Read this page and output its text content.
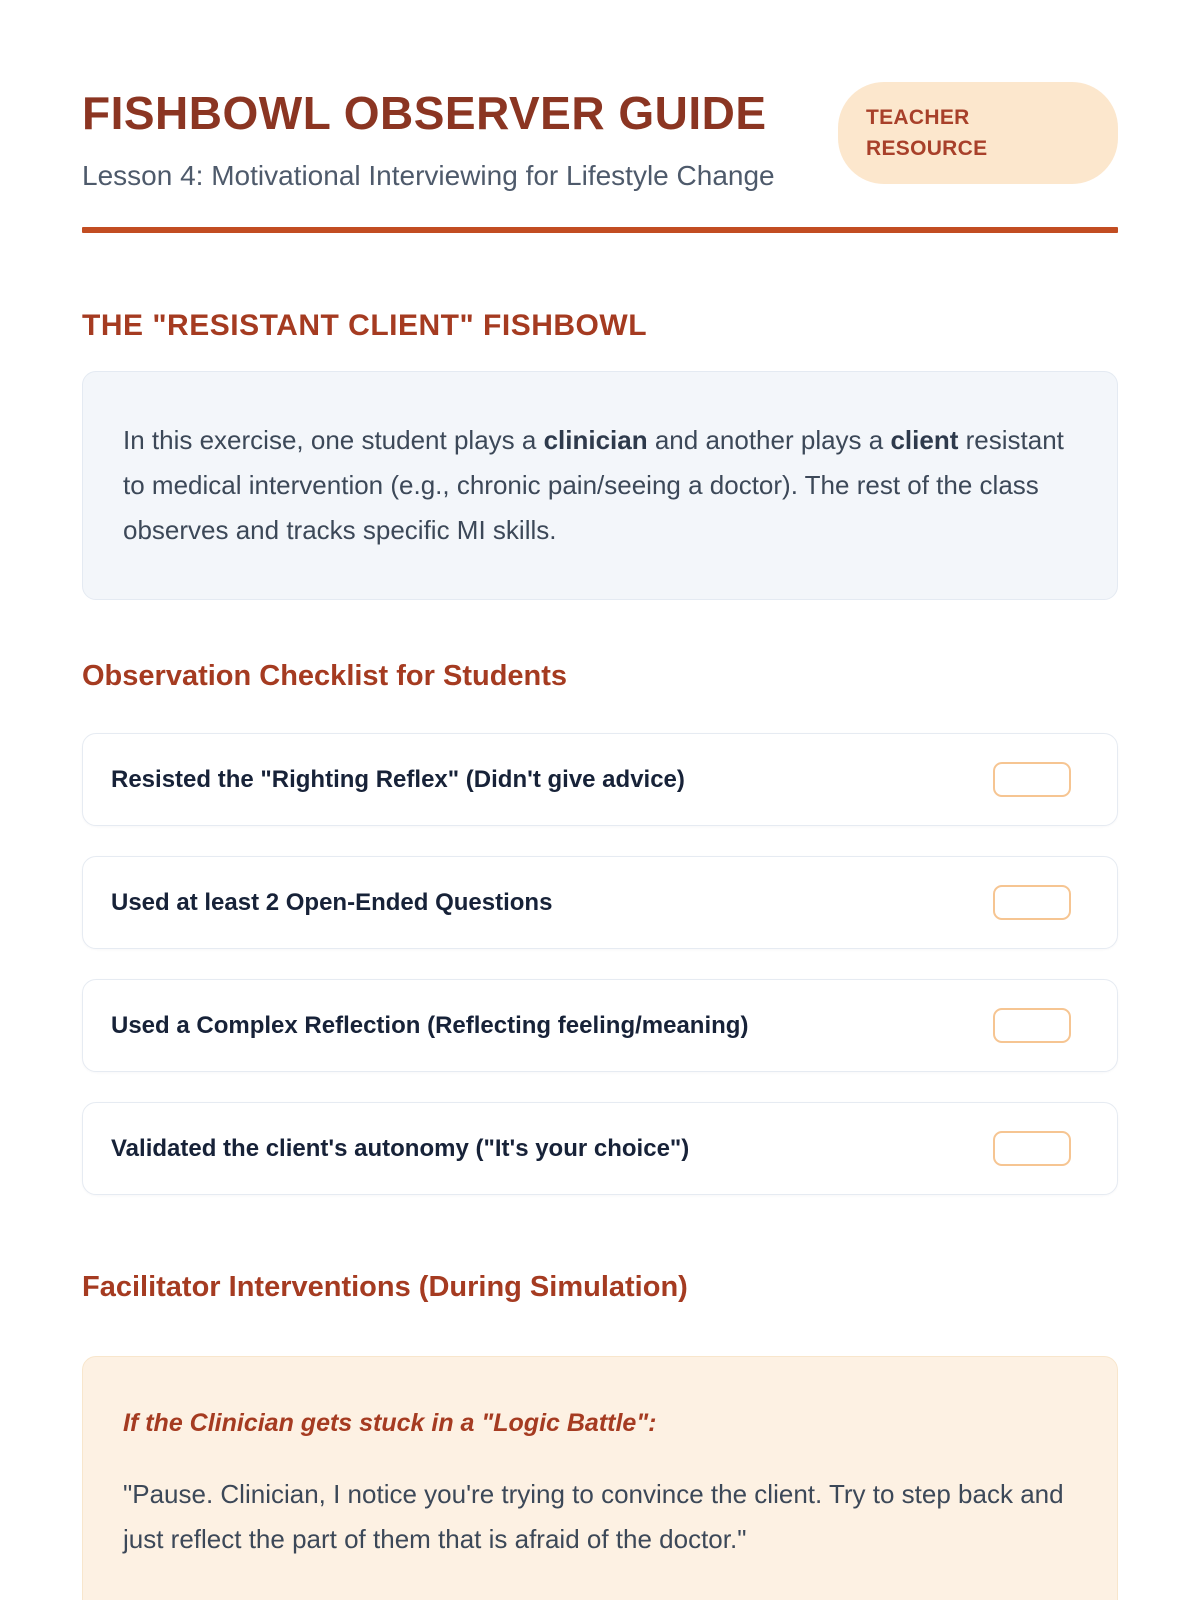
FISHBOWL OBSERVER GUIDE	TEACHER
RESOURCE
Lesson 4: Motivational Interviewing for Lifestyle Change
THE "RESISTANT CLIENT" FISHBOWL

In this exercise, one student plays a clinician and another plays a client resistant to medical intervention (e.g., chronic pain/seeing a doctor). The rest of the class observes and tracks specific MI skills.

Observation Checklist for Students
Resisted the "Righting Reflex" (Didn't give advice)
Used at least 2 Open-Ended Questions
Used a Complex Reflection (Reflecting feeling/meaning)
Validated the client's autonomy ("It's your choice")
Facilitator Interventions (During Simulation)
If the Clinician gets stuck in a "Logic Battle":

"Pause. Clinician, I notice you're trying to convince the client. Try to step back and just reflect the part of them that is afraid of the doctor."
